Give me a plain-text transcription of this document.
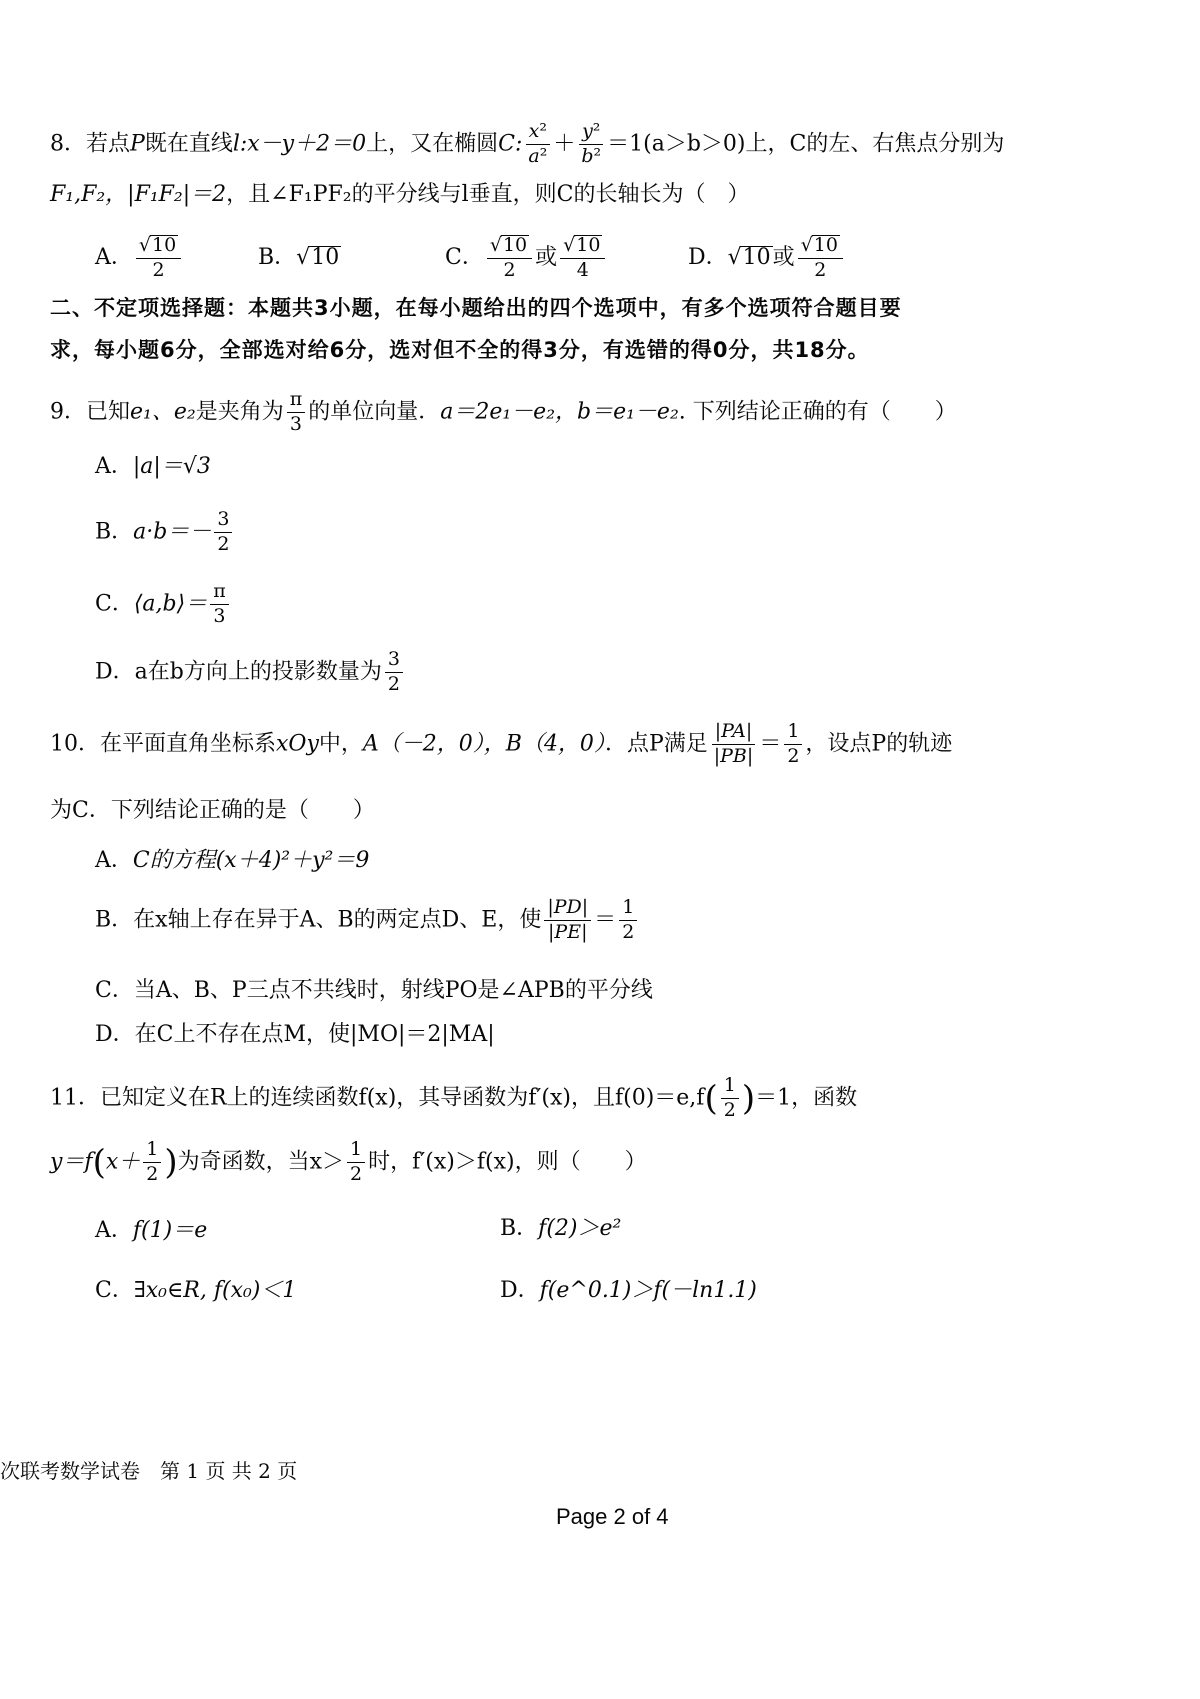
8．若点P既在直线l:x－y＋2＝0上，又在椭圆C: $\frac{\text{x²}}{\text{a²}} + \frac{\text{y²}}{\text{b²}} =1(a>b>0)$上，C的左、右焦点分别为
F₁,F₂，|F₁F₂|＝2，且∠F₁PF₂的平分线与l垂直，则C的长轴长为（　）
A． $\frac{√10}{2}$	B．√10	C． $\frac{√10}{2}$ 或 $\frac{√10}{4}$	D．√10或 $\frac{√10}{2}$
二、不定项选择题：本题共3小题，在每小题给出的四个选项中，有多个选项符合题目要
求，每小题6分，全部选对给6分，选对但不全的得3分，有选错的得0分，共18分。
9．已知e₁、e₂是夹角为 $\frac{\pi}{3}$ 的单位向量．a＝2e₁－e₂，b＝e₁－e₂. 下列结论正确的有（　　）
A．|a|＝√3
B．$a\cdot b=- \frac{3}{2}$
C．⟨a,b⟩＝ $\frac{\pi}{3}$
D．a在b方向上的投影数量为 $\frac{3}{2}$
10．在平面直角坐标系xOy中，A（－2，0），B（4，0）．点P满足 $\frac{|PA|}{|PB|} = \frac{1}{2}$ ，设点P的轨迹
为C．下列结论正确的是（　　）
A．C的方程(x＋4)²＋y²＝9
B．在x轴上存在异于A、B的两定点D、E，使 $\frac{|PD|}{|PE|} = \frac{1}{2}$
C．当A、B、P三点不共线时，射线PO是∠APB的平分线
D．在C上不存在点M，使|MO|＝2|MA|
11．已知定义在R上的连续函数f(x)，其导函数为f′(x)，且$f(0)=e,f( \frac{1}{2} )=1$，函数
$y=f(x+ \frac{1}{2}$ )为奇函数，当$x> \frac{1}{2}$ 时，f′(x)＞f(x)，则（　　）
A．f(1)＝e	B．f(2)＞e²
C．∃x₀∈R, f(x₀)＜1	D．f(e^0.1)＞f(－ln1.1)
次联考数学试卷　第 1 页 共 2 页
Page 2 of 4
